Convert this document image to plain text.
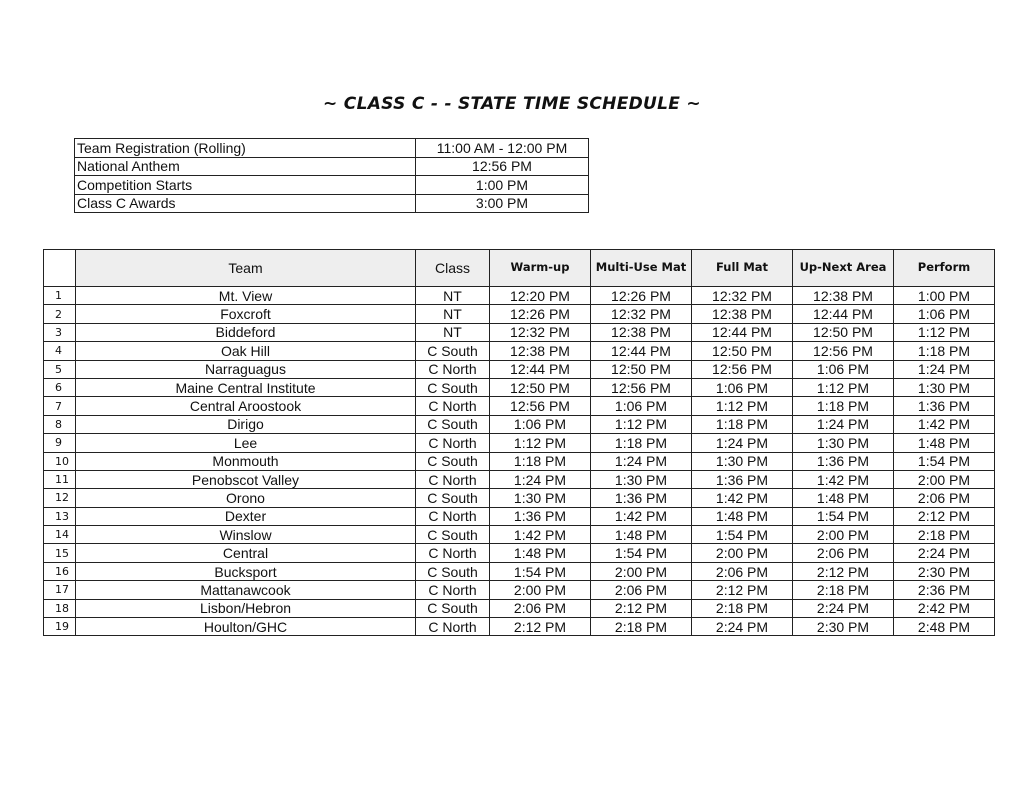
~ CLASS C - - STATE TIME SCHEDULE ~
Team Registration (Rolling)	11:00 AM - 12:00 PM
National Anthem	12:56 PM
Competition Starts	1:00 PM
Class C Awards	3:00 PM
	Team	Class	Warm-up	Multi-Use Mat	Full Mat	Up-Next Area	Perform
1	Mt. View	NT	12:20 PM	12:26 PM	12:32 PM	12:38 PM	1:00 PM
2	Foxcroft	NT	12:26 PM	12:32 PM	12:38 PM	12:44 PM	1:06 PM
3	Biddeford	NT	12:32 PM	12:38 PM	12:44 PM	12:50 PM	1:12 PM
4	Oak Hill	C South	12:38 PM	12:44 PM	12:50 PM	12:56 PM	1:18 PM
5	Narraguagus	C North	12:44 PM	12:50 PM	12:56 PM	1:06 PM	1:24 PM
6	Maine Central Institute	C South	12:50 PM	12:56 PM	1:06 PM	1:12 PM	1:30 PM
7	Central Aroostook	C North	12:56 PM	1:06 PM	1:12 PM	1:18 PM	1:36 PM
8	Dirigo	C South	1:06 PM	1:12 PM	1:18 PM	1:24 PM	1:42 PM
9	Lee	C North	1:12 PM	1:18 PM	1:24 PM	1:30 PM	1:48 PM
10	Monmouth	C South	1:18 PM	1:24 PM	1:30 PM	1:36 PM	1:54 PM
11	Penobscot Valley	C North	1:24 PM	1:30 PM	1:36 PM	1:42 PM	2:00 PM
12	Orono	C South	1:30 PM	1:36 PM	1:42 PM	1:48 PM	2:06 PM
13	Dexter	C North	1:36 PM	1:42 PM	1:48 PM	1:54 PM	2:12 PM
14	Winslow	C South	1:42 PM	1:48 PM	1:54 PM	2:00 PM	2:18 PM
15	Central	C North	1:48 PM	1:54 PM	2:00 PM	2:06 PM	2:24 PM
16	Bucksport	C South	1:54 PM	2:00 PM	2:06 PM	2:12 PM	2:30 PM
17	Mattanawcook	C North	2:00 PM	2:06 PM	2:12 PM	2:18 PM	2:36 PM
18	Lisbon/Hebron	C South	2:06 PM	2:12 PM	2:18 PM	2:24 PM	2:42 PM
19	Houlton/GHC	C North	2:12 PM	2:18 PM	2:24 PM	2:30 PM	2:48 PM
